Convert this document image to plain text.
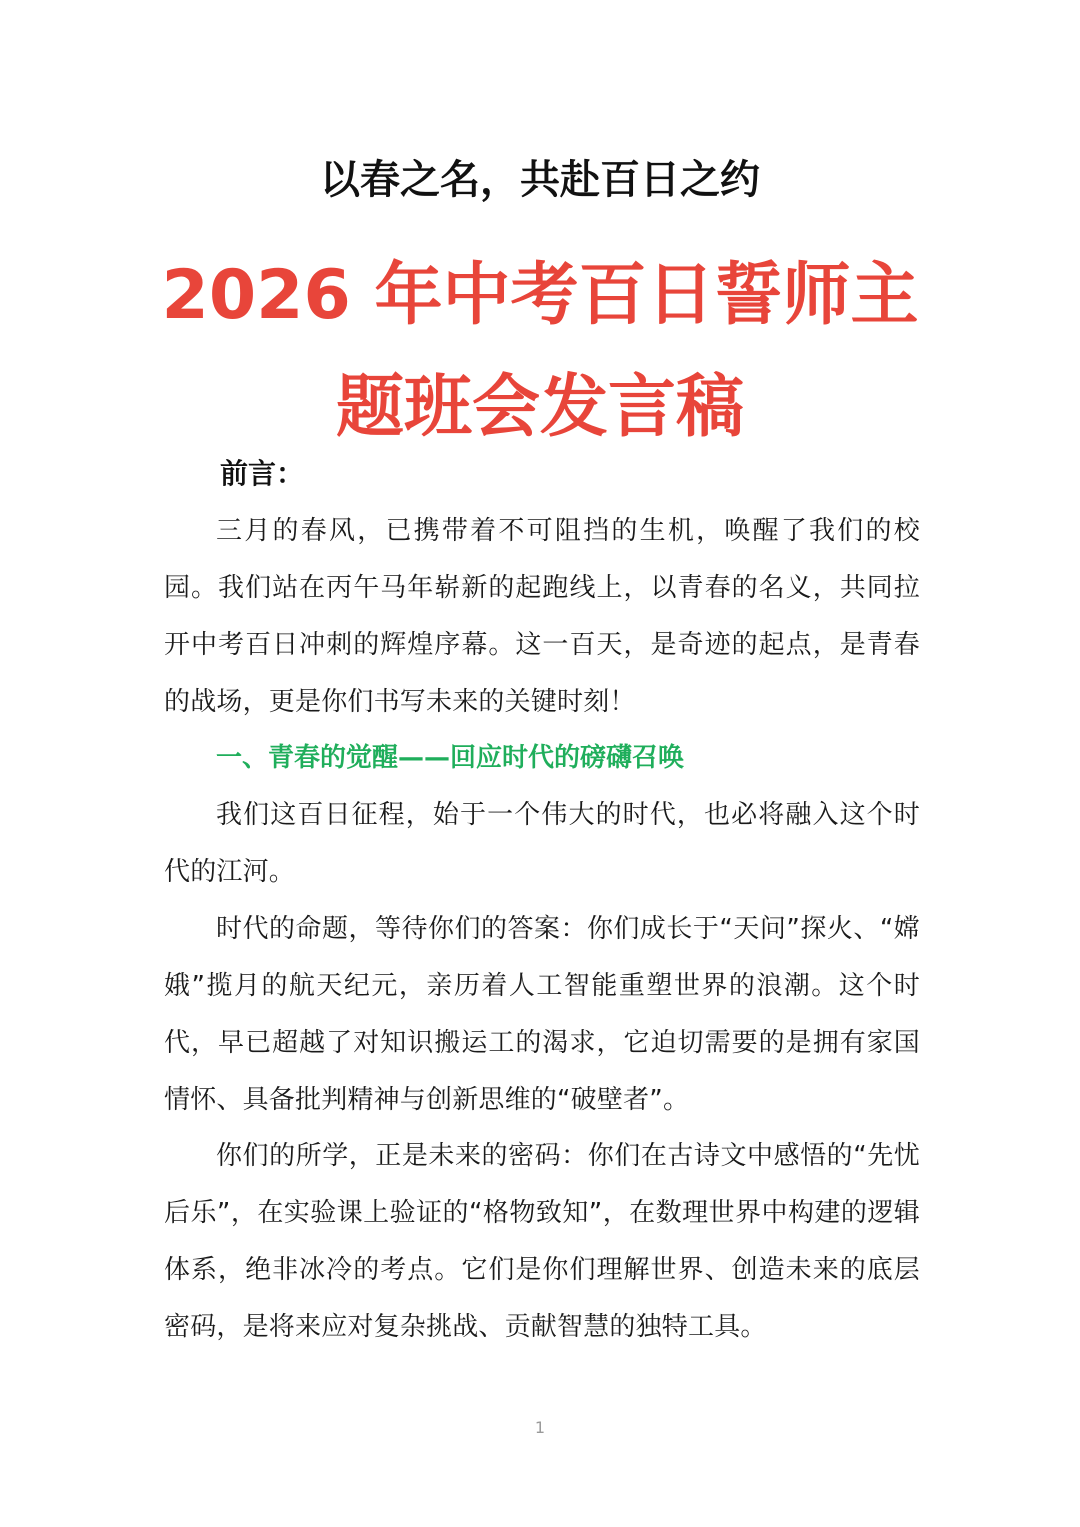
以春之名，共赴百日之约
2026 年中考百日誓师主题班会发言稿
前言：

三月的春风，已携带着不可阻挡的生机，唤醒了我们的校园。我们站在丙午马年崭新的起跑线上，以青春的名义，共同拉开中考百日冲刺的辉煌序幕。这一百天，是奇迹的起点，是青春的战场，更是你们书写未来的关键时刻！

一、青春的觉醒——回应时代的磅礴召唤

我们这百日征程，始于一个伟大的时代，也必将融入这个时代的江河。

时代的命题，等待你们的答案：你们成长于“天问”探火、“嫦娥”揽月的航天纪元，亲历着人工智能重塑世界的浪潮。这个时代，早已超越了对知识搬运工的渴求，它迫切需要的是拥有家国情怀、具备批判精神与创新思维的“破壁者”。

你们的所学，正是未来的密码：你们在古诗文中感悟的“先忧后乐”，在实验课上验证的“格物致知”，在数理世界中构建的逻辑体系，绝非冰冷的考点。它们是你们理解世界、创造未来的底层密码，是将来应对复杂挑战、贡献智慧的独特工具。

1
